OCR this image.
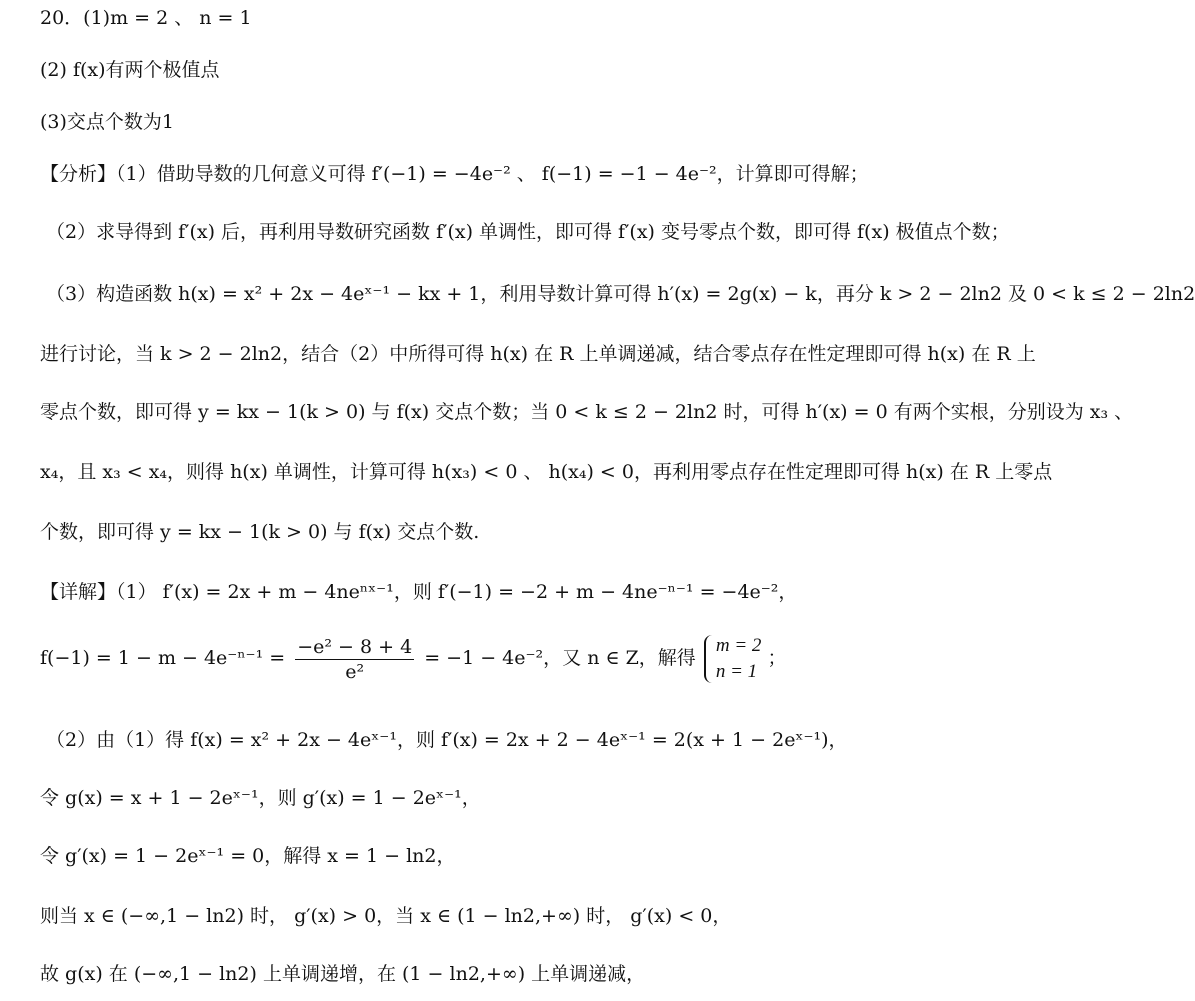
20．(1)m = 2 、 n = 1
(2) f(x)有两个极值点
(3)交点个数为1
【分析】（1）借助导数的几何意义可得 f′(−1) = −4e⁻² 、 f(−1) = −1 − 4e⁻²，计算即可得解；
（2）求导得到 f′(x) 后，再利用导数研究函数 f′(x) 单调性，即可得 f′(x) 变号零点个数，即可得 f(x) 极值点个数；
（3）构造函数 h(x) = x² + 2x − 4eˣ⁻¹ − kx + 1，利用导数计算可得 h′(x) = 2g(x) − k，再分 k > 2 − 2ln2 及 0 < k ≤ 2 − 2ln2
进行讨论，当 k > 2 − 2ln2，结合（2）中所得可得 h(x) 在 R 上单调递减，结合零点存在性定理即可得 h(x) 在 R 上
零点个数，即可得 y = kx − 1(k > 0) 与 f(x) 交点个数；当 0 < k ≤ 2 − 2ln2 时，可得 h′(x) = 0 有两个实根，分别设为 x₃ 、
x₄，且 x₃ < x₄，则得 h(x) 单调性，计算可得 h(x₃) < 0 、 h(x₄) < 0，再利用零点存在性定理即可得 h(x) 在 R 上零点
个数，即可得 y = kx − 1(k > 0) 与 f(x) 交点个数.
【详解】（1） f′(x) = 2x + m − 4neⁿˣ⁻¹，则 f′(−1) = −2 + m − 4ne⁻ⁿ⁻¹ = −4e⁻²，
$f(-1) = 1 - m - 4e^{-n-1} = \frac{\text{−e² − 8 + 4}}{\text{e²}} = -1 - 4e^{-2}$，又 n ∈ Z，解得
m = 2
n = 1
；
（2）由（1）得 f(x) = x² + 2x − 4eˣ⁻¹，则 f′(x) = 2x + 2 − 4eˣ⁻¹ = 2(x + 1 − 2eˣ⁻¹)，
令 g(x) = x + 1 − 2eˣ⁻¹，则 g′(x) = 1 − 2eˣ⁻¹，
令 g′(x) = 1 − 2eˣ⁻¹ = 0，解得 x = 1 − ln2，
则当 x ∈ (−∞,1 − ln2) 时， g′(x) > 0，当 x ∈ (1 − ln2,+∞) 时， g′(x) < 0，
故 g(x) 在 (−∞,1 − ln2) 上单调递增，在 (1 − ln2,+∞) 上单调递减，
